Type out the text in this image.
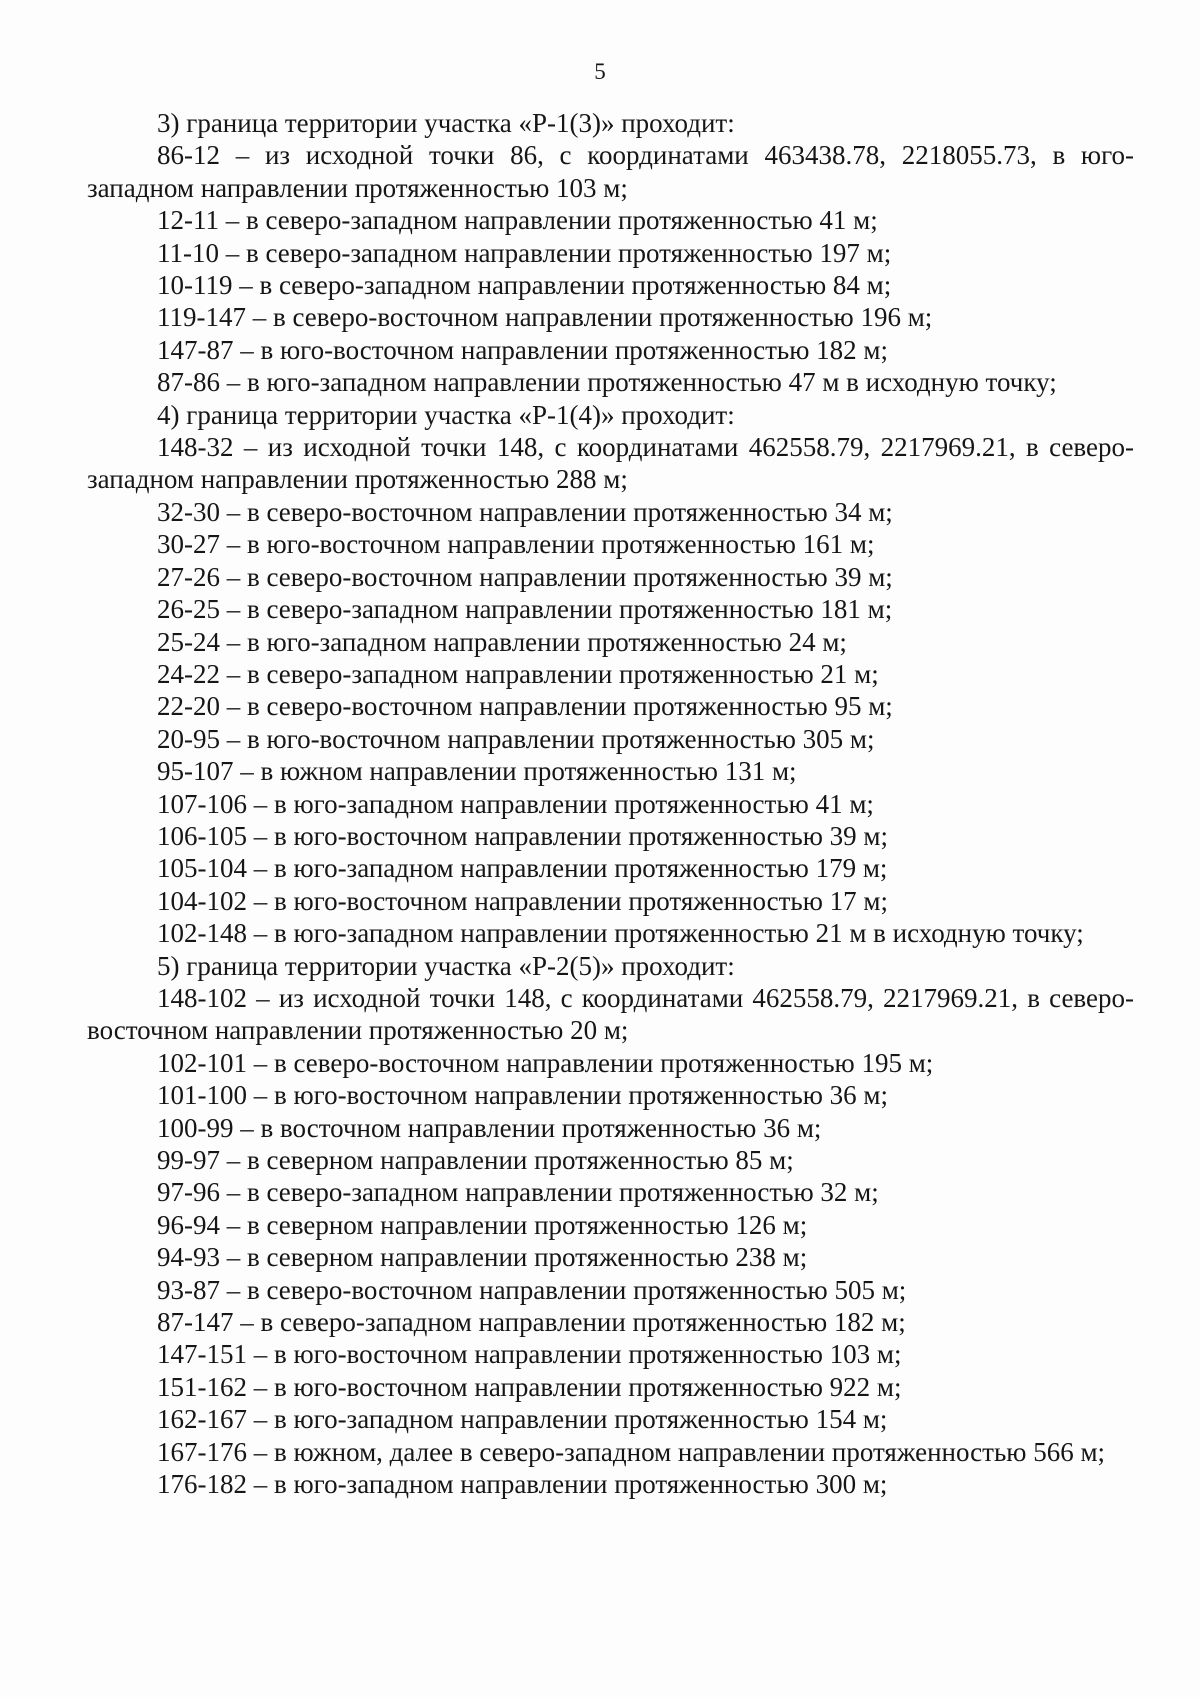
5

3) граница территории участка «Р-1(3)» проходит:

86-12 – из исходной точки 86, с координатами 463438.78, 2218055.73, в юго-западном направлении протяженностью 103 м;

12-11 – в северо-западном направлении протяженностью 41 м;

11-10 – в северо-западном направлении протяженностью 197 м;

10-119 – в северо-западном направлении протяженностью 84 м;

119-147 – в северо-восточном направлении протяженностью 196 м;

147-87 – в юго-восточном направлении протяженностью 182 м;

87-86 – в юго-западном направлении протяженностью 47 м в исходную точку;

4) граница территории участка «Р-1(4)» проходит:

148-32 – из исходной точки 148, с координатами 462558.79, 2217969.21, в северо-западном направлении протяженностью 288 м;

32-30 – в северо-восточном направлении протяженностью 34 м;

30-27 – в юго-восточном направлении протяженностью 161 м;

27-26 – в северо-восточном направлении протяженностью 39 м;

26-25 – в северо-западном направлении протяженностью 181 м;

25-24 – в юго-западном направлении протяженностью 24 м;

24-22 – в северо-западном направлении протяженностью 21 м;

22-20 – в северо-восточном направлении протяженностью 95 м;

20-95 – в юго-восточном направлении протяженностью 305 м;

95-107 – в южном направлении протяженностью 131 м;

107-106 – в юго-западном направлении протяженностью 41 м;

106-105 – в юго-восточном направлении протяженностью 39 м;

105-104 – в юго-западном направлении протяженностью 179 м;

104-102 – в юго-восточном направлении протяженностью 17 м;

102-148 – в юго-западном направлении протяженностью 21 м в исходную точку;

5) граница территории участка «Р-2(5)» проходит:

148-102 – из исходной точки 148, с координатами 462558.79, 2217969.21, в северо-восточном направлении протяженностью 20 м;

102-101 – в северо-восточном направлении протяженностью 195 м;

101-100 – в юго-восточном направлении протяженностью 36 м;

100-99 – в восточном направлении протяженностью 36 м;

99-97 – в северном направлении протяженностью 85 м;

97-96 – в северо-западном направлении протяженностью 32 м;

96-94 – в северном направлении протяженностью 126 м;

94-93 – в северном направлении протяженностью 238 м;

93-87 – в северо-восточном направлении протяженностью 505 м;

87-147 – в северо-западном направлении протяженностью 182 м;

147-151 – в юго-восточном направлении протяженностью 103 м;

151-162 – в юго-восточном направлении протяженностью 922 м;

162-167 – в юго-западном направлении протяженностью 154 м;

167-176 – в южном, далее в северо-западном направлении протяженностью 566 м;

176-182 – в юго-западном направлении протяженностью 300 м;
